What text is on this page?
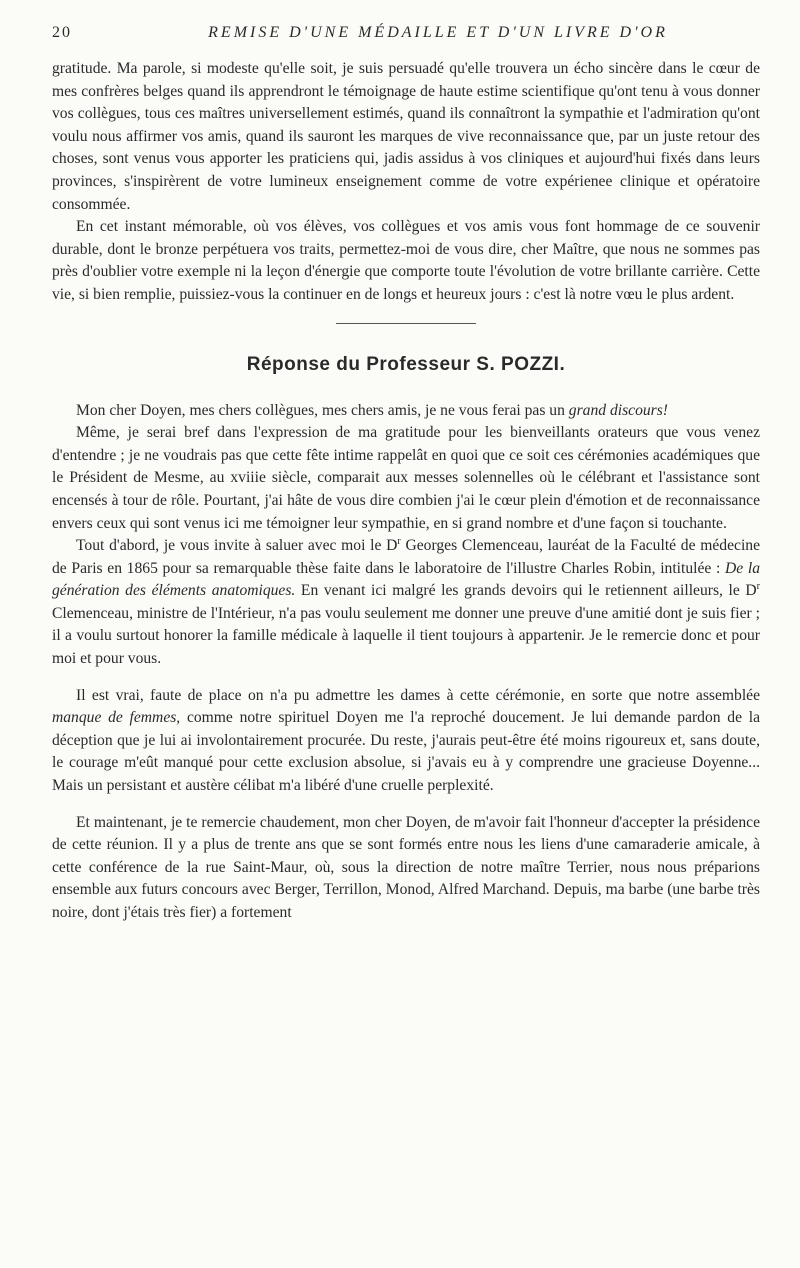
20	REMISE D'UNE MÉDAILLE ET D'UN LIVRE D'OR

gratitude. Ma parole, si modeste qu'elle soit, je suis persuadé qu'elle trouvera un écho sincère dans le cœur de mes confrères belges quand ils apprendront le témoignage de haute estime scientifique qu'ont tenu à vous donner vos collègues, tous ces maîtres universellement estimés, quand ils connaîtront la sympathie et l'admiration qu'ont voulu nous affirmer vos amis, quand ils sauront les marques de vive reconnaissance que, par un juste retour des choses, sont venus vous apporter les praticiens qui, jadis assidus à vos cliniques et aujourd'hui fixés dans leurs provinces, s'inspirèrent de votre lumineux enseignement comme de votre expérienee clinique et opératoire consommée.

En cet instant mémorable, où vos élèves, vos collègues et vos amis vous font hommage de ce souvenir durable, dont le bronze perpétuera vos traits, permettez-moi de vous dire, cher Maître, que nous ne sommes pas près d'oublier votre exemple ni la leçon d'énergie que comporte toute l'évolution de votre brillante carrière. Cette vie, si bien remplie, puissiez-vous la continuer en de longs et heureux jours : c'est là notre vœu le plus ardent.

Réponse du Professeur S. POZZI.

Mon cher Doyen, mes chers collègues, mes chers amis, je ne vous ferai pas un grand discours!

Même, je serai bref dans l'expression de ma gratitude pour les bienveillants orateurs que vous venez d'entendre ; je ne voudrais pas que cette fête intime rappelât en quoi que ce soit ces cérémonies académiques que le Président de Mesme, au xviiie siècle, comparait aux messes solennelles où le célébrant et l'assistance sont encensés à tour de rôle. Pourtant, j'ai hâte de vous dire combien j'ai le cœur plein d'émotion et de reconnaissance envers ceux qui sont venus ici me témoigner leur sympathie, en si grand nombre et d'une façon si touchante.

Tout d'abord, je vous invite à saluer avec moi le $D^r$ Georges Clemenceau, lauréat de la Faculté de médecine de Paris en 1865 pour sa remarquable thèse faite dans le laboratoire de l'illustre Charles Robin, intitulée : De la génération des éléments anatomiques. En venant ici malgré les grands devoirs qui le retiennent ailleurs, le $D^r$ Clemenceau, ministre de l'Intérieur, n'a pas voulu seulement me donner une preuve d'une amitié dont je suis fier ; il a voulu surtout honorer la famille médicale à laquelle il tient toujours à appartenir. Je le remercie donc et pour moi et pour vous.

Il est vrai, faute de place on n'a pu admettre les dames à cette cérémonie, en sorte que notre assemblée manque de femmes, comme notre spirituel Doyen me l'a reproché doucement. Je lui demande pardon de la déception que je lui ai involontairement procurée. Du reste, j'aurais peut-être été moins rigoureux et, sans doute, le courage m'eût manqué pour cette exclusion absolue, si j'avais eu à y comprendre une gracieuse Doyenne... Mais un persistant et austère célibat m'a libéré d'une cruelle perplexité.

Et maintenant, je te remercie chaudement, mon cher Doyen, de m'avoir fait l'honneur d'accepter la présidence de cette réunion. Il y a plus de trente ans que se sont formés entre nous les liens d'une camaraderie amicale, à cette conférence de la rue Saint-Maur, où, sous la direction de notre maître Terrier, nous nous préparions ensemble aux futurs concours avec Berger, Terrillon, Monod, Alfred Marchand. Depuis, ma barbe (une barbe très noire, dont j'étais très fier) a fortement
